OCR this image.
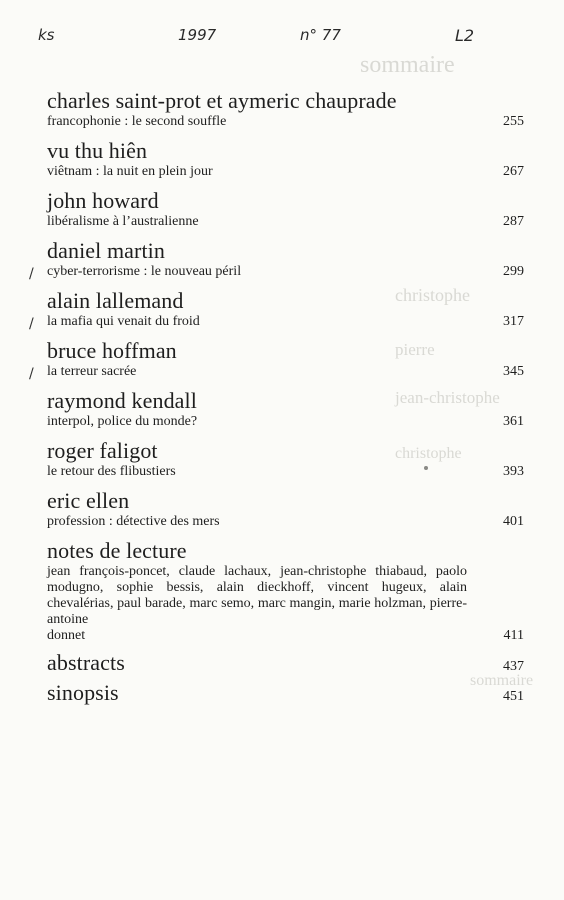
sommaire
christophe
pierre
jean-christophe
christophe
sommaire
ks	1997	n° 77	L2
charles saint-prot et aymeric chauprade
francophonie : le second souffle	255
vu thu hiên
viêtnam : la nuit en plein jour	267
john howard
libéralisme à l’australienne	287
/
daniel martin
cyber-terrorisme : le nouveau péril	299
/
alain lallemand
la mafia qui venait du froid	317
/
bruce hoffman
la terreur sacrée	345
raymond kendall
interpol, police du monde?	361
roger faligot
le retour des flibustiers	393
eric ellen
profession : détective des mers	401
notes de lecture
jean françois-poncet, claude lachaux, jean-christophe thiabaud, paolo modugno, sophie bessis, alain dieckhoff, vincent hugeux, alain chevalérias, paul barade, marc semo, marc mangin, marie holzman, pierre-antoine
donnet	411
abstracts	437
sinopsis	451
